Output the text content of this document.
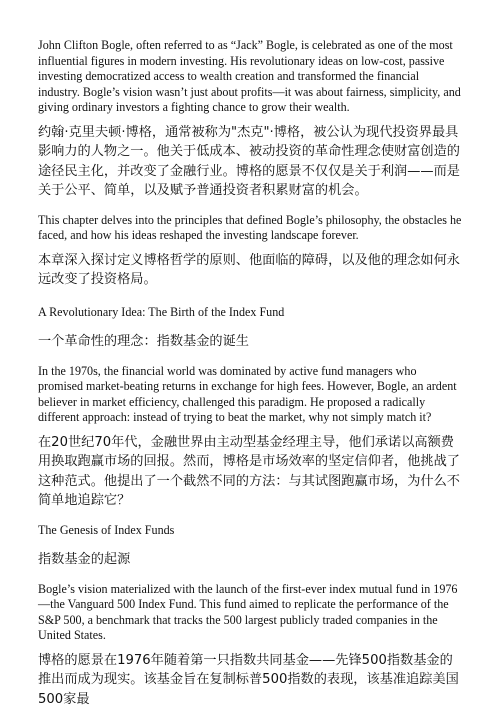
John Clifton Bogle, often referred to as “Jack” Bogle, is celebrated as one of the most influential figures in modern investing. His revolutionary ideas on low-cost, passive investing democratized access to wealth creation and transformed the financial industry. Bogle’s vision wasn’t just about profits—it was about fairness, simplicity, and giving ordinary investors a fighting chance to grow their wealth.

约翰·克里夫顿·博格，通常被称为"杰克"·博格，被公认为现代投资界最具影响力的人物之一。他关于低成本、被动投资的革命性理念使财富创造的途径民主化，并改变了金融行业。博格的愿景不仅仅是关于利润——而是关于公平、简单，以及赋予普通投资者积累财富的机会。

This chapter delves into the principles that defined Bogle’s philosophy, the obstacles he faced, and how his ideas reshaped the investing landscape forever.

本章深入探讨定义博格哲学的原则、他面临的障碍，以及他的理念如何永远改变了投资格局。

A Revolutionary Idea: The Birth of the Index Fund

一个革命性的理念：指数基金的诞生

In the 1970s, the financial world was dominated by active fund managers who promised market-beating returns in exchange for high fees. However, Bogle, an ardent believer in market efficiency, challenged this paradigm. He proposed a radically different approach: instead of trying to beat the market, why not simply match it?

在20世纪70年代，金融世界由主动型基金经理主导，他们承诺以高额费用换取跑赢市场的回报。然而，博格是市场效率的坚定信仰者，他挑战了这种范式。他提出了一个截然不同的方法：与其试图跑赢市场，为什么不简单地追踪它？

The Genesis of Index Funds

指数基金的起源

Bogle’s vision materialized with the launch of the first-ever index mutual fund in 1976—the Vanguard 500 Index Fund. This fund aimed to replicate the performance of the S&P 500, a benchmark that tracks the 500 largest publicly traded companies in the United States.

博格的愿景在1976年随着第一只指数共同基金——先锋500指数基金的推出而成为现实。该基金旨在复制标普500指数的表现，该基准追踪美国500家最
